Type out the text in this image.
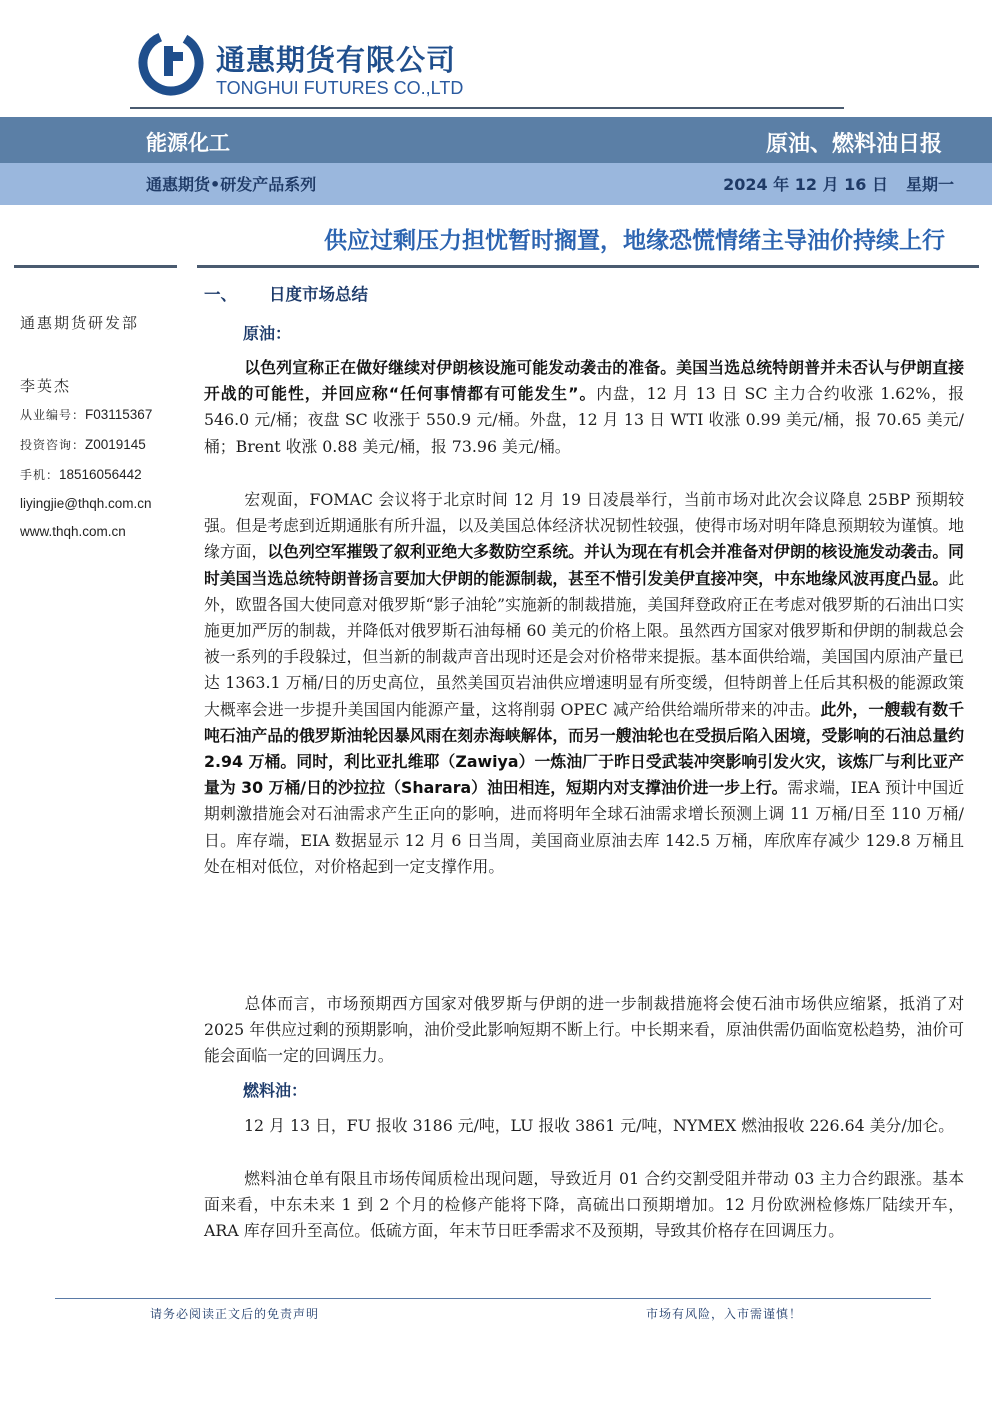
通惠期货有限公司
TONGHUI FUTURES CO.,LTD
能源化工	原油、燃料油日报
通惠期货•研发产品系列	2024 年 12 月 16 日 星期一
供应过剩压力担忧暂时搁置，地缘恐慌情绪主导油价持续上行
通惠期货研发部
李英杰
从业编号：F03115367
投资咨询：Z0019145
手机：18516056442
liyingjie@thqh.com.cn
www.thqh.com.cn
一、 日度市场总结
原油：
以色列宣称正在做好继续对伊朗核设施可能发动袭击的准备。美国当选总统特朗普并未否认与伊朗直接开战的可能性，并回应称“任何事情都有可能发生”。内盘，12 月 13 日 SC 主力合约收涨 1.62%，报 546.0 元/桶；夜盘 SC 收涨于 550.9 元/桶。外盘，12 月 13 日 WTI 收涨 0.99 美元/桶，报 70.65 美元/桶；Brent 收涨 0.88 美元/桶，报 73.96 美元/桶。
宏观面，FOMAC 会议将于北京时间 12 月 19 日凌晨举行，当前市场对此次会议降息 25BP 预期较强。但是考虑到近期通胀有所升温，以及美国总体经济状况韧性较强，使得市场对明年降息预期较为谨慎。地缘方面，以色列空军摧毁了叙利亚绝大多数防空系统。并认为现在有机会并准备对伊朗的核设施发动袭击。同时美国当选总统特朗普扬言要加大伊朗的能源制裁，甚至不惜引发美伊直接冲突，中东地缘风波再度凸显。此外，欧盟各国大使同意对俄罗斯“影子油轮”实施新的制裁措施，美国拜登政府正在考虑对俄罗斯的石油出口实施更加严厉的制裁，并降低对俄罗斯石油每桶 60 美元的价格上限。虽然西方国家对俄罗斯和伊朗的制裁总会被一系列的手段躲过，但当新的制裁声音出现时还是会对价格带来提振。基本面供给端，美国国内原油产量已达 1363.1 万桶/日的历史高位，虽然美国页岩油供应增速明显有所变缓，但特朗普上任后其积极的能源政策大概率会进一步提升美国国内能源产量，这将削弱 OPEC 减产给供给端所带来的冲击。此外，一艘载有数千吨石油产品的俄罗斯油轮因暴风雨在刻赤海峡解体，而另一艘油轮也在受损后陷入困境，受影响的石油总量约 2.94 万桶。同时，利比亚扎维耶（Zawiya）一炼油厂于昨日受武装冲突影响引发火灾，该炼厂与利比亚产量为 30 万桶/日的沙拉拉（Sharara）油田相连，短期内对支撑油价进一步上行。需求端，IEA 预计中国近期刺激措施会对石油需求产生正向的影响，进而将明年全球石油需求增长预测上调 11 万桶/日至 110 万桶/日。库存端，EIA 数据显示 12 月 6 日当周，美国商业原油去库 142.5 万桶，库欣库存减少 129.8 万桶且处在相对低位，对价格起到一定支撑作用。
总体而言，市场预期西方国家对俄罗斯与伊朗的进一步制裁措施将会使石油市场供应缩紧，抵消了对 2025 年供应过剩的预期影响，油价受此影响短期不断上行。中长期来看，原油供需仍面临宽松趋势，油价可能会面临一定的回调压力。
燃料油：
12 月 13 日，FU 报收 3186 元/吨，LU 报收 3861 元/吨，NYMEX 燃油报收 226.64 美分/加仑。
燃料油仓单有限且市场传闻质检出现问题，导致近月 01 合约交割受阻并带动 03 主力合约跟涨。基本面来看，中东未来 1 到 2 个月的检修产能将下降，高硫出口预期增加。12 月份欧洲检修炼厂陆续开车， ARA 库存回升至高位。低硫方面，年末节日旺季需求不及预期，导致其价格存在回调压力。
请务必阅读正文后的免责声明	市场有风险，入市需谨慎！
